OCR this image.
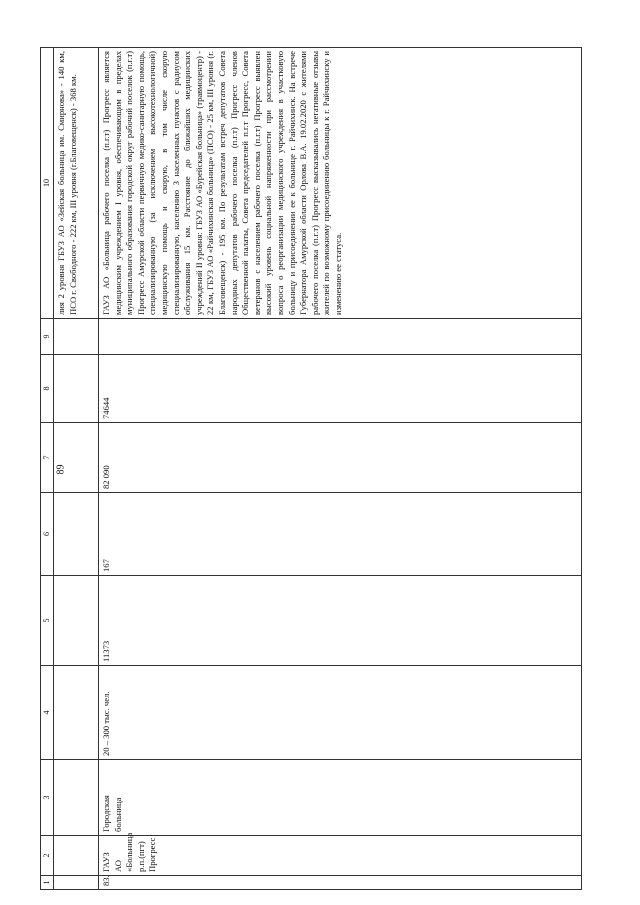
89
1	2	3	4	5	6	7	8	9	10
									лия 2 уровня ГБУЗ АО «Зейская больница им. Смирнова» - 140 км, ПСО г. Свободного - 222 км, III уровня (г.Благовещенск) - 368 км.
83.	ГАУЗ АО «Больница р.п.(пгт) Прогресс	Городская больница	20 – 300 тыс. чел.	11373	167	82 090	74644		ГАУЗ АО «Больница рабочего поселка (п.г.т) Прогресс является медицинским учреждением I уровня, обеспечивающим в пределах муниципального образования городской округ рабочий поселок (п.г.т) Прогресс Амурской области первичную медико-санитарную помощь, специализированную (за исключением высокотехнологичной) медицинскую помощь и скорую, в том числе скорую специализированную, населению 3 населенных пунктов с радиусом обслуживания 15 км. Расстояние до ближайших медицинских учреждений II уровня: ГБУЗ АО «Бурейская больница» (травмоцентр) - 22 км, ГБУЗ АО «Райчихинская больница» (ПСО) - 25 км, III уровня (г. Благовещенск) - 195 км. По результатам встреч депутатов Совета народных депутатов рабочего поселка (п.г.т) Прогресс членов Общественной палаты, Совета председателей п.г.т Прогресс, Совета ветеранов с населением рабочего поселка (п.г.т) Прогресс выявлен высокий уровень социальной напряженности при рассмотрении вопроса о реорганизации медицинского учреждения в участковую больницу и присоединении ее к больнице г. Райчихинск. На встрече Губернатора Амурской области Орлова В.А. 19.02.2020 с жителями рабочего поселка (п.г.т) Прогресс высказывались негативные отзывы жителей по возможному присоединению больницы к г. Райчихинску и изменению ее статуса.
